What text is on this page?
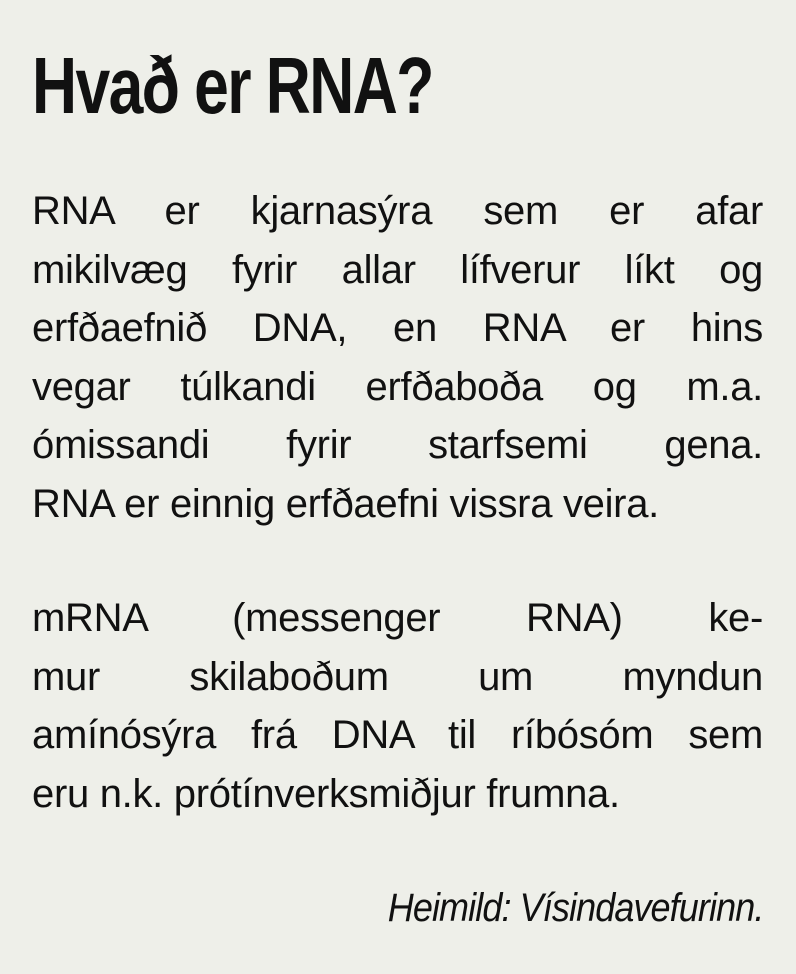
Hvað er RNA?
RNA er kjarnasýra sem er afar
mikilvæg fyrir allar lífverur líkt og
erfðaefnið DNA, en RNA er hins
vegar túlkandi erfðaboða og m.a.
ómissandi fyrir starfsemi gena.
RNA er einnig erfðaefni vissra veira.
mRNA (messenger RNA) ke-
mur skilaboðum um myndun
amínósýra frá DNA til ríbósóm sem
eru n.k. prótínverksmiðjur frumna.

Heimild: Vísindavefurinn.
